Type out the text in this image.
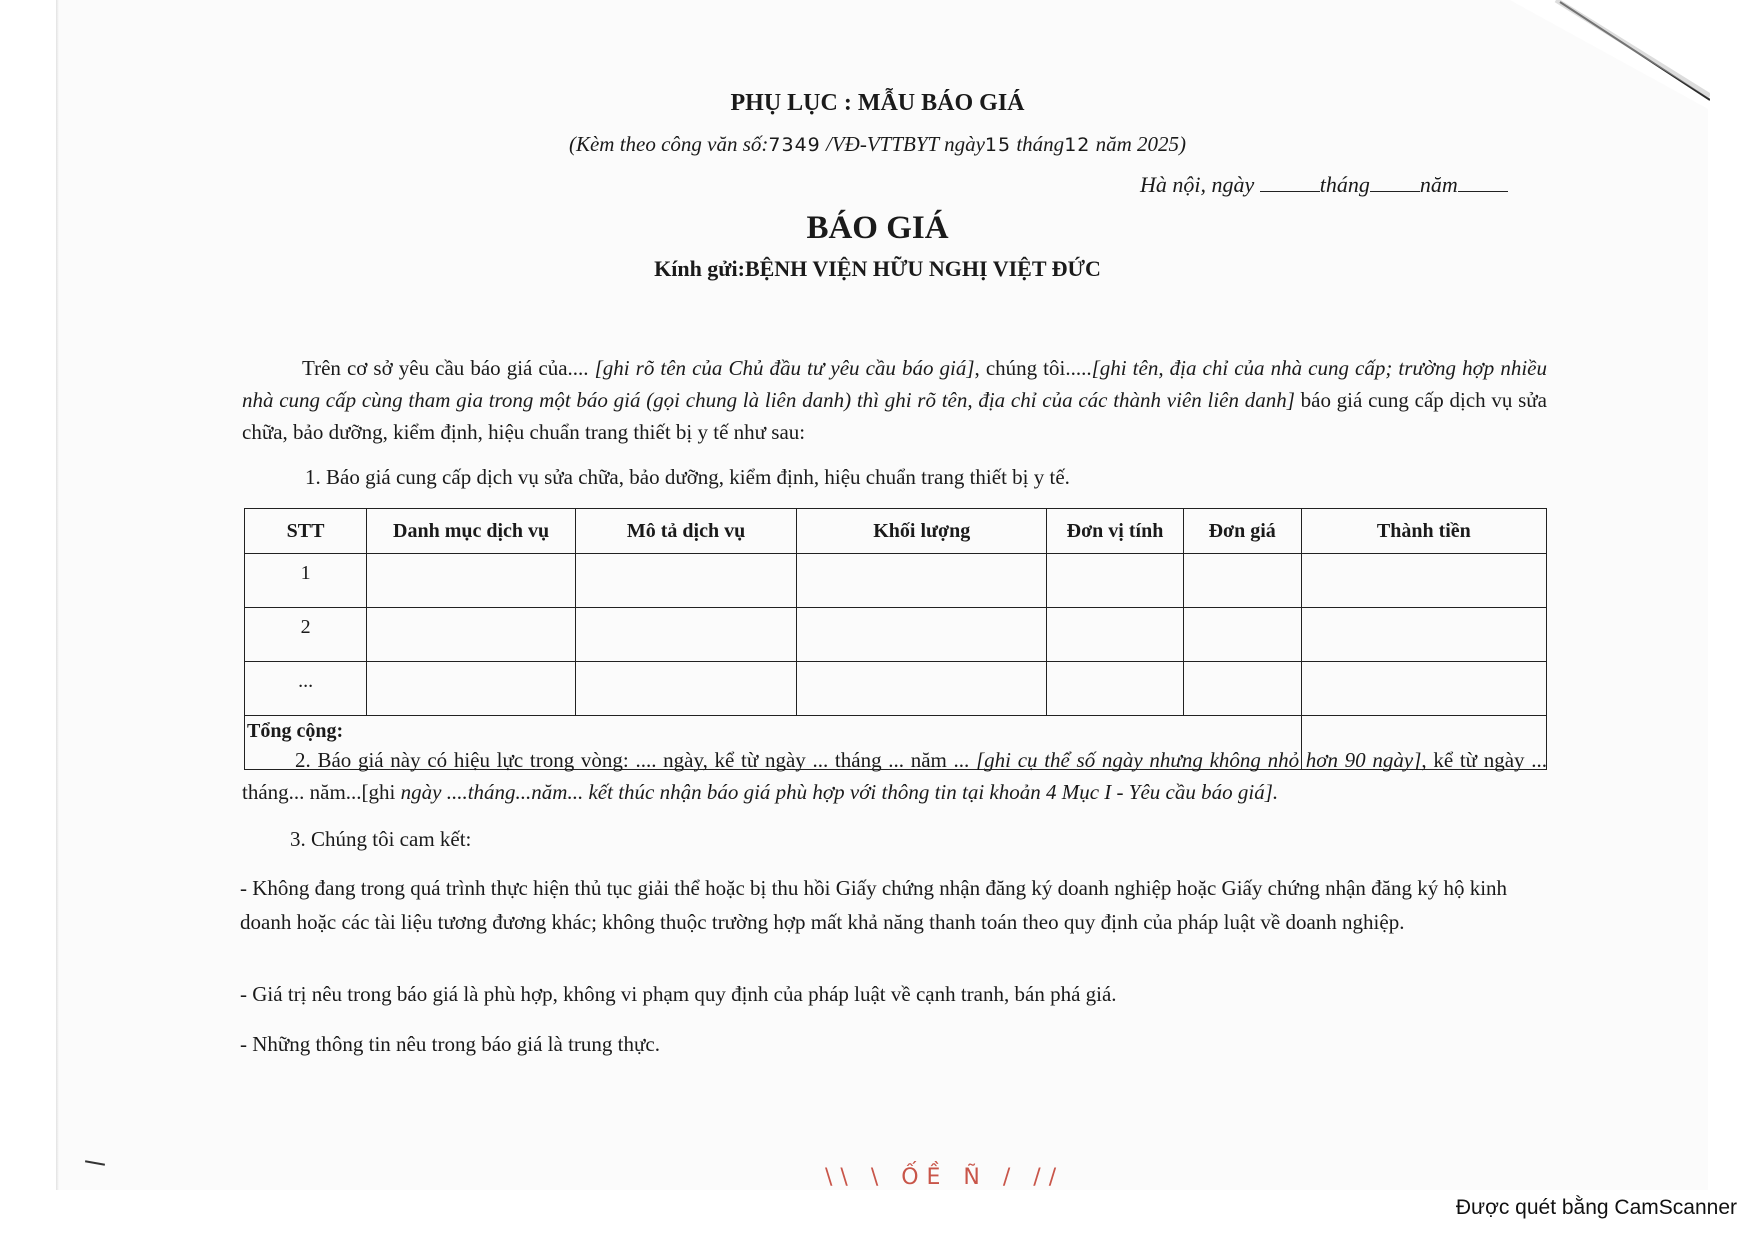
PHỤ LỤC : MẪU BÁO GIÁ
(Kèm theo công văn số:7349 /VĐ-VTTBYT ngày15 tháng12 năm 2025)
Hà nội, ngày	tháng năm
BÁO GIÁ
Kính gửi:BỆNH VIỆN HỮU NGHỊ VIỆT ĐỨC
Trên cơ sở yêu cầu báo giá của.... [ghi rõ tên của Chủ đầu tư yêu cầu báo giá], chúng tôi.....[ghi tên, địa chỉ của nhà cung cấp; trường hợp nhiều nhà cung cấp cùng tham gia trong một báo giá (gọi chung là liên danh) thì ghi rõ tên, địa chỉ của các thành viên liên danh] báo giá cung cấp dịch vụ sửa chữa, bảo dưỡng, kiểm định, hiệu chuẩn trang thiết bị y tế như sau:
1. Báo giá cung cấp dịch vụ sửa chữa, bảo dưỡng, kiểm định, hiệu chuẩn trang thiết bị y tế.
STT	Danh mục dịch vụ	Mô tả dịch vụ	Khối lượng	Đơn vị tính	Đơn giá	Thành tiền
1						
2						
...						
Tổng cộng:						
2. Báo giá này có hiệu lực trong vòng: .... ngày, kể từ ngày ... tháng ... năm ... [ghi cụ thể số ngày nhưng không nhỏ hơn 90 ngày], kể từ ngày ... tháng... năm...[ghi ngày ....tháng...năm... kết thúc nhận báo giá phù hợp với thông tin tại khoản 4 Mục I - Yêu cầu báo giá].
3. Chúng tôi cam kết:
- Không đang trong quá trình thực hiện thủ tục giải thể hoặc bị thu hồi Giấy chứng nhận đăng ký doanh nghiệp hoặc Giấy chứng nhận đăng ký hộ kinh doanh hoặc các tài liệu tương đương khác; không thuộc trường hợp mất khả năng thanh toán theo quy định của pháp luật về doanh nghiệp.
- Giá trị nêu trong báo giá là phù hợp, không vi phạm quy định của pháp luật về cạnh tranh, bán phá giá.
- Những thông tin nêu trong báo giá là trung thực.
\\ \ ỐỀ Ñ / //
Được quét bằng CamScanner
